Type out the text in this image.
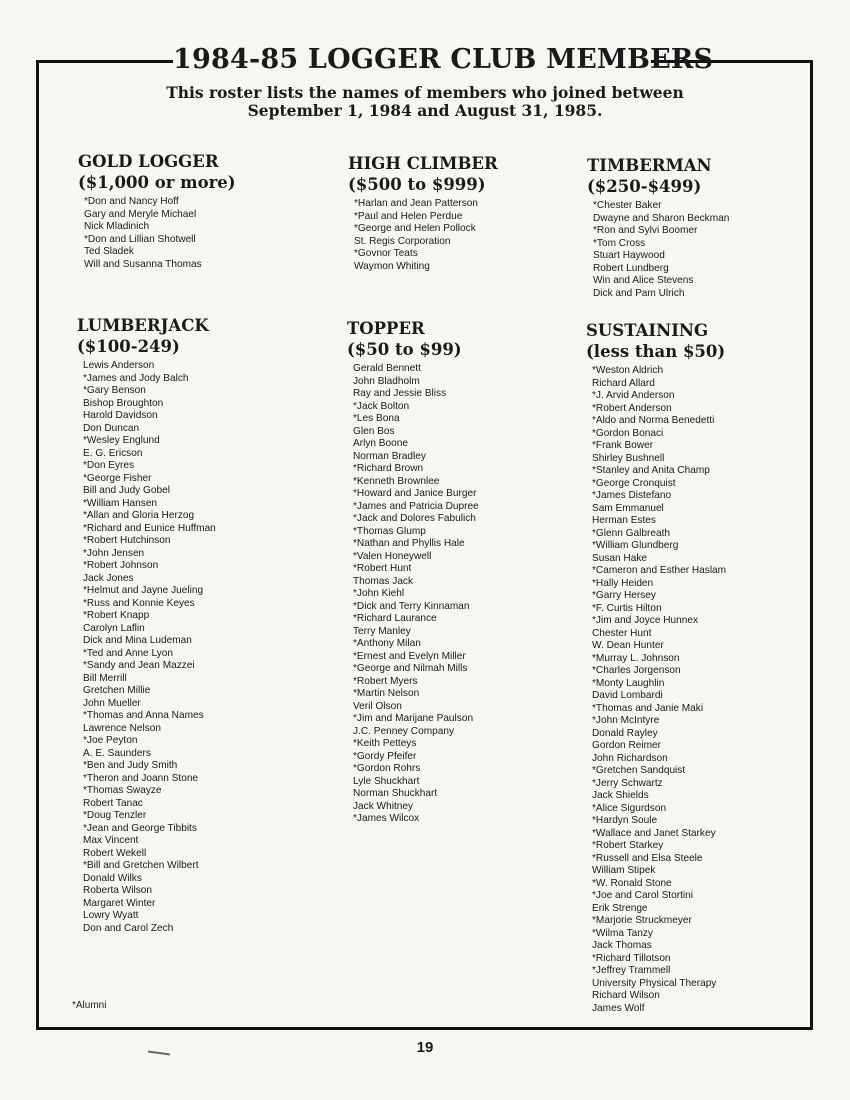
1984-85 LOGGER CLUB MEMBERS
This roster lists the names of members who joined between
September 1, 1984 and August 31, 1985.
GOLD LOGGER
($1,000 or more)
*Don and Nancy Hoff
Gary and Meryle Michael
Nick Mladinich
*Don and Lillian Shotwell
Ted Sladek
Will and Susanna Thomas
HIGH CLIMBER
($500 to $999)
*Harlan and Jean Patterson
*Paul and Helen Perdue
*George and Helen Pollock
St. Regis Corporation
*Govnor Teats
Waymon Whiting
TIMBERMAN
($250-$499)
*Chester Baker
Dwayne and Sharon Beckman
*Ron and Sylvi Boomer
*Tom Cross
Stuart Haywood
Robert Lundberg
Win and Alice Stevens
Dick and Pam Ulrich
LUMBERJACK
($100-249)
Lewis Anderson
*James and Jody Balch
*Gary Benson
Bishop Broughton
Harold Davidson
Don Duncan
*Wesley Englund
E. G. Ericson
*Don Eyres
*George Fisher
Bill and Judy Gobel
*William Hansen
*Allan and Gloria Herzog
*Richard and Eunice Huffman
*Robert Hutchinson
*John Jensen
*Robert Johnson
Jack Jones
*Helmut and Jayne Jueling
*Russ and Konnie Keyes
*Robert Knapp
Carolyn Laflin
Dick and Mina Ludeman
*Ted and Anne Lyon
*Sandy and Jean Mazzei
Bill Merrill
Gretchen Millie
John Mueller
*Thomas and Anna Names
Lawrence Nelson
*Joe Peyton
A. E. Saunders
*Ben and Judy Smith
*Theron and Joann Stone
*Thomas Swayze
Robert Tanac
*Doug Tenzler
*Jean and George Tibbits
Max Vincent
Robert Wekell
*Bill and Gretchen Wilbert
Donald Wilks
Roberta Wilson
Margaret Winter
Lowry Wyatt
Don and Carol Zech
TOPPER
($50 to $99)
Gerald Bennett
John Bladholm
Ray and Jessie Bliss
*Jack Bolton
*Les Bona
Glen Bos
Arlyn Boone
Norman Bradley
*Richard Brown
*Kenneth Brownlee
*Howard and Janice Burger
*James and Patricia Dupree
*Jack and Dolores Fabulich
*Thomas Glump
*Nathan and Phyllis Hale
*Valen Honeywell
*Robert Hunt
Thomas Jack
*John Kiehl
*Dick and Terry Kinnaman
*Richard Laurance
Terry Manley
*Anthony Milan
*Ernest and Evelyn Miller
*George and Nilmah Mills
*Robert Myers
*Martin Nelson
Veril Olson
*Jim and Marijane Paulson
J.C. Penney Company
*Keith Petteys
*Gordy Pfeifer
*Gordon Rohrs
Lyle Shuckhart
Norman Shuckhart
Jack Whitney
*James Wilcox
SUSTAINING
(less than $50)
*Weston Aldrich
Richard Allard
*J. Arvid Anderson
*Robert Anderson
*Aldo and Norma Benedetti
*Gordon Bonaci
*Frank Bower
Shirley Bushnell
*Stanley and Anita Champ
*George Cronquist
*James Distefano
Sam Emmanuel
Herman Estes
*Glenn Galbreath
*William Glundberg
Susan Hake
*Cameron and Esther Haslam
*Hally Heiden
*Garry Hersey
*F. Curtis Hilton
*Jim and Joyce Hunnex
Chester Hunt
W. Dean Hunter
*Murray L. Johnson
*Charles Jorgenson
*Monty Laughlin
David Lombardi
*Thomas and Janie Maki
*John McIntyre
Donald Rayley
Gordon Reimer
John Richardson
*Gretchen Sandquist
*Jerry Schwartz
Jack Shields
*Alice Sigurdson
*Hardyn Soule
*Wallace and Janet Starkey
*Robert Starkey
*Russell and Elsa Steele
William Stipek
*W. Ronald Stone
*Joe and Carol Stortini
Erik Strenge
*Marjorie Struckmeyer
*Wilma Tanzy
Jack Thomas
*Richard Tillotson
*Jeffrey Trammell
University Physical Therapy
Richard Wilson
James Wolf
*Alumni
19
